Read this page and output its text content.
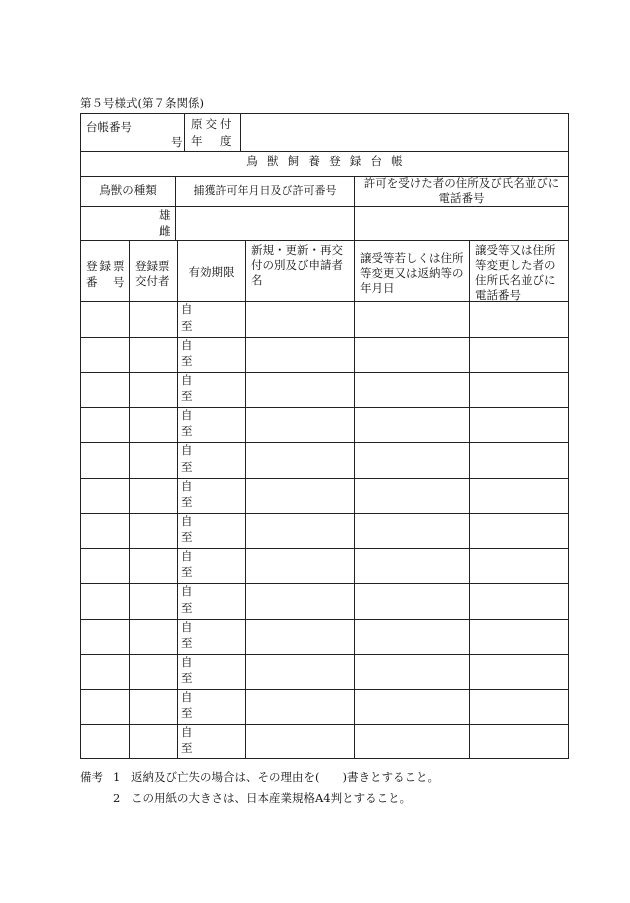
第５号様式(第７条関係)
台帳番号
号
原交付
年　度
鳥獣飼養登録台帳
鳥獣の種類	捕獲許可年月日及び許可番号
許可を受けた者の住所及び氏名並びに電話番号
雄
雌
登録票
番　号
登録票交付者
有効期限
新規・更新・再交付の別及び申請者名
譲受等若しくは住所等変更又は返納等の年月日
譲受等又は住所等変更した者の住所氏名並びに電話番号
自
至
自
至
自
至
自
至
自
至
自
至
自
至
自
至
自
至
自
至
自
至
自
至
自
至
備考 1 返納及び亡失の場合は、その理由を(　　)書きとすること。
2 この用紙の大きさは、日本産業規格A4判とすること。
